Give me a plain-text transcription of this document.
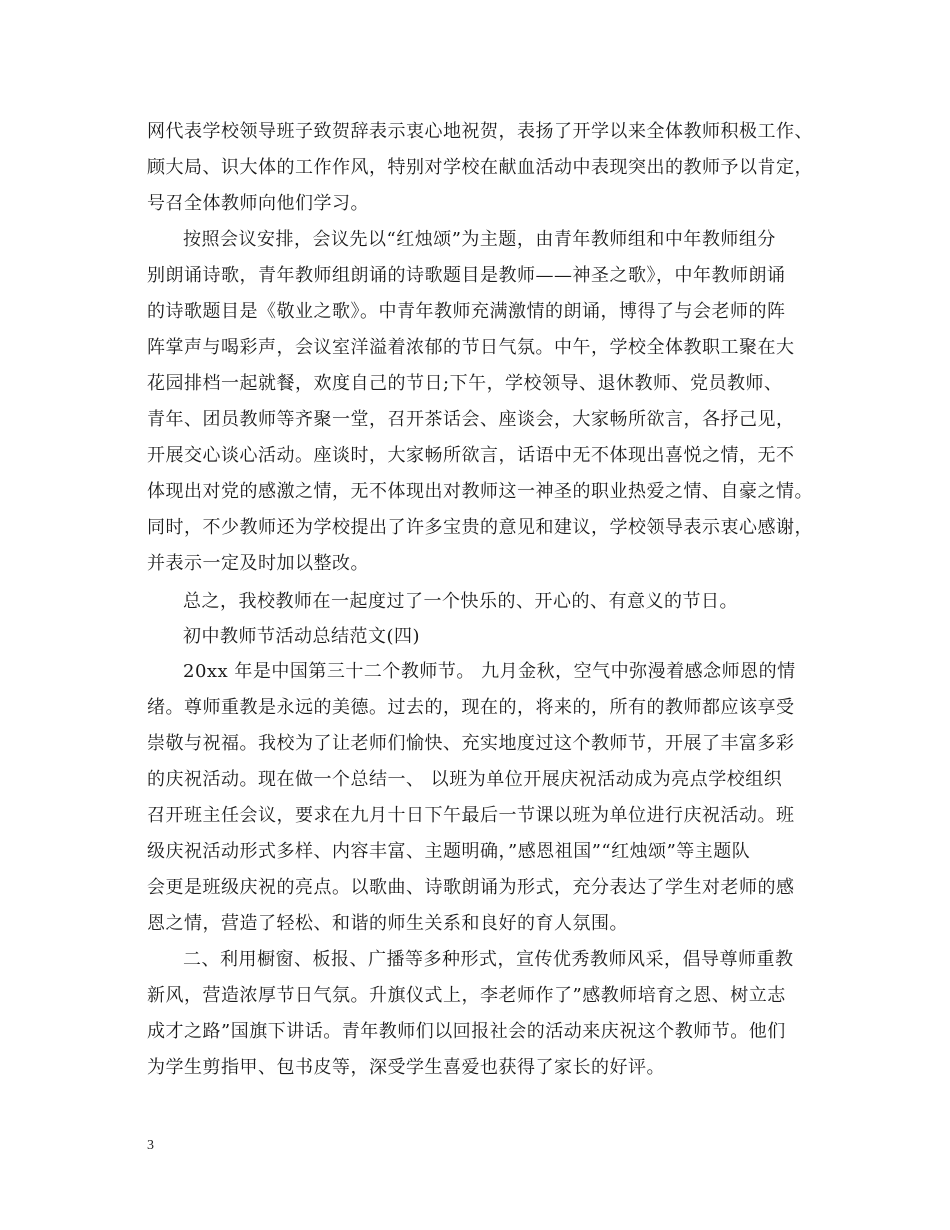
网代表学校领导班子致贺辞表示衷心地祝贺，表扬了开学以来全体教师积极工作、
顾大局、识大体的工作作风，特别对学校在献血活动中表现突出的教师予以肯定，
号召全体教师向他们学习。
按照会议安排，会议先以“红烛颂”为主题，由青年教师组和中年教师组分
别朗诵诗歌，青年教师组朗诵的诗歌题目是教师——神圣之歌》，中年教师朗诵
的诗歌题目是《敬业之歌》。中青年教师充满激情的朗诵，博得了与会老师的阵
阵掌声与喝彩声，会议室洋溢着浓郁的节日气氛。中午，学校全体教职工聚在大
花园排档一起就餐，欢度自己的节日;下午，学校领导、退休教师、党员教师、
青年、团员教师等齐聚一堂，召开茶话会、座谈会，大家畅所欲言，各抒己见，
开展交心谈心活动。座谈时，大家畅所欲言，话语中无不体现出喜悦之情，无不
体现出对党的感激之情，无不体现出对教师这一神圣的职业热爱之情、自豪之情。
同时，不少教师还为学校提出了许多宝贵的意见和建议，学校领导表示衷心感谢，
并表示一定及时加以整改。
总之，我校教师在一起度过了一个快乐的、开心的、有意义的节日。
初中教师节活动总结范文(四)
20xx 年是中国第三十二个教师节。 九月金秋，空气中弥漫着感念师恩的情
绪。尊师重教是永远的美德。过去的，现在的，将来的，所有的教师都应该享受
崇敬与祝福。我校为了让老师们愉快、充实地度过这个教师节，开展了丰富多彩
的庆祝活动。现在做一个总结一、 以班为单位开展庆祝活动成为亮点学校组织
召开班主任会议，要求在九月十日下午最后一节课以班为单位进行庆祝活动。班
级庆祝活动形式多样、内容丰富、主题明确，”感恩祖国”“红烛颂”等主题队
会更是班级庆祝的亮点。以歌曲、诗歌朗诵为形式，充分表达了学生对老师的感
恩之情，营造了轻松、和谐的师生关系和良好的育人氛围。
二、利用橱窗、板报、广播等多种形式，宣传优秀教师风采，倡导尊师重教
新风，营造浓厚节日气氛。升旗仪式上，李老师作了”感教师培育之恩、树立志
成才之路”国旗下讲话。青年教师们以回报社会的活动来庆祝这个教师节。他们
为学生剪指甲、包书皮等，深受学生喜爱也获得了家长的好评。
3
